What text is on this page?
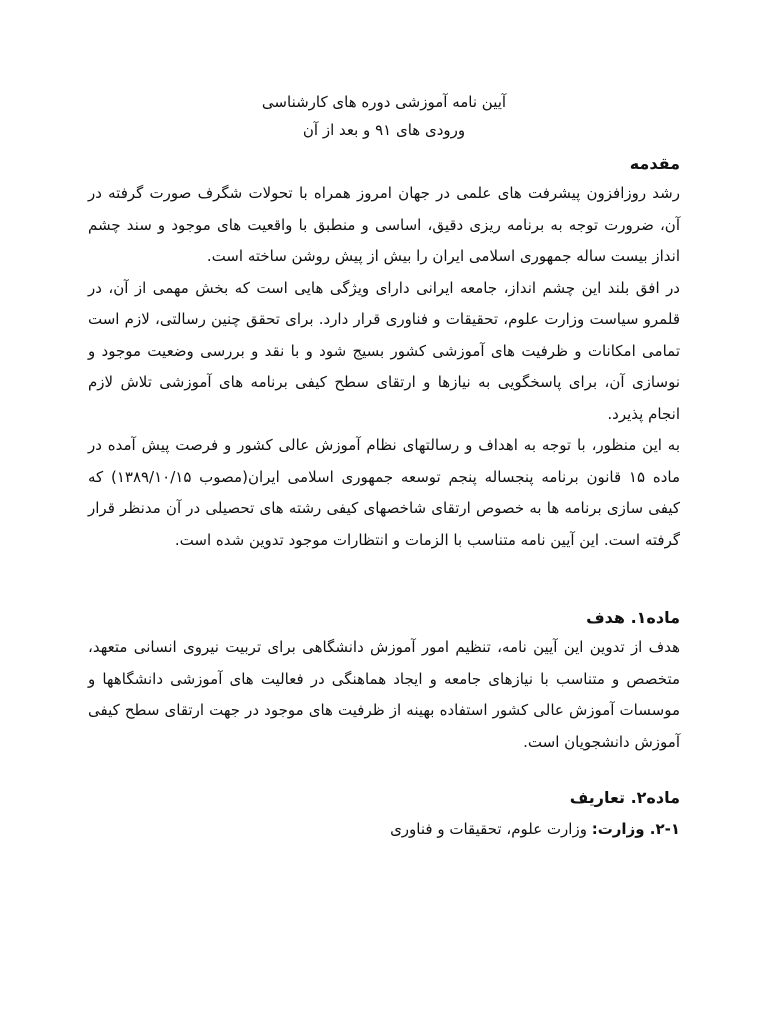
آیین نامه آموزشی دوره های کارشناسی

ورودی های ۹۱ و بعد از آن

مقدمه

رشد روزافزون پیشرفت های علمی در جهان امروز همراه با تحولات شگرف صورت گرفته در آن، ضرورت توجه به برنامه ریزی دقیق، اساسی و منطبق با واقعیت های موجود و سند چشم انداز بیست ساله جمهوری اسلامی ایران را بیش از پیش روشن ساخته است.

در افق بلند این چشم انداز، جامعه ایرانی دارای ویژگی هایی است که بخش مهمی از آن، در قلمرو سیاست وزارت علوم، تحقیقات و فناوری قرار دارد. برای تحقق چنین رسالتی، لازم است تمامی امکانات و ظرفیت های آموزشی کشور بسیج شود و با نقد و بررسی وضعیت موجود و نوسازی آن، برای پاسخگویی به نیازها و ارتقای سطح کیفی برنامه های آموزشی تلاش لازم انجام پذیرد.

به این منظور، با توجه به اهداف و رسالتهای نظام آموزش عالی کشور و فرصت پیش آمده در ماده ۱۵ قانون برنامه پنجساله پنجم توسعه جمهوری اسلامی ایران(مصوب ۱۳۸۹/۱۰/۱۵) که کیفی سازی برنامه ها به خصوص ارتقای شاخصهای کیفی رشته های تحصیلی در آن مدنظر قرار گرفته است. این آیین نامه متناسب با الزمات و انتظارات موجود تدوین شده است.

ماده۱. هدف

هدف از تدوین این آیین نامه، تنظیم امور آموزش دانشگاهی برای تربیت نیروی انسانی متعهد، متخصص و متناسب با نیازهای جامعه و ایجاد هماهنگی در فعالیت های آموزشی دانشگاهها و موسسات آموزش عالی کشور استفاده بهینه از ظرفیت های موجود در جهت ارتقای سطح کیفی آموزش دانشجویان است.

ماده۲. تعاریف

۲-۱. وزارت: وزارت علوم، تحقیقات و فناوری
